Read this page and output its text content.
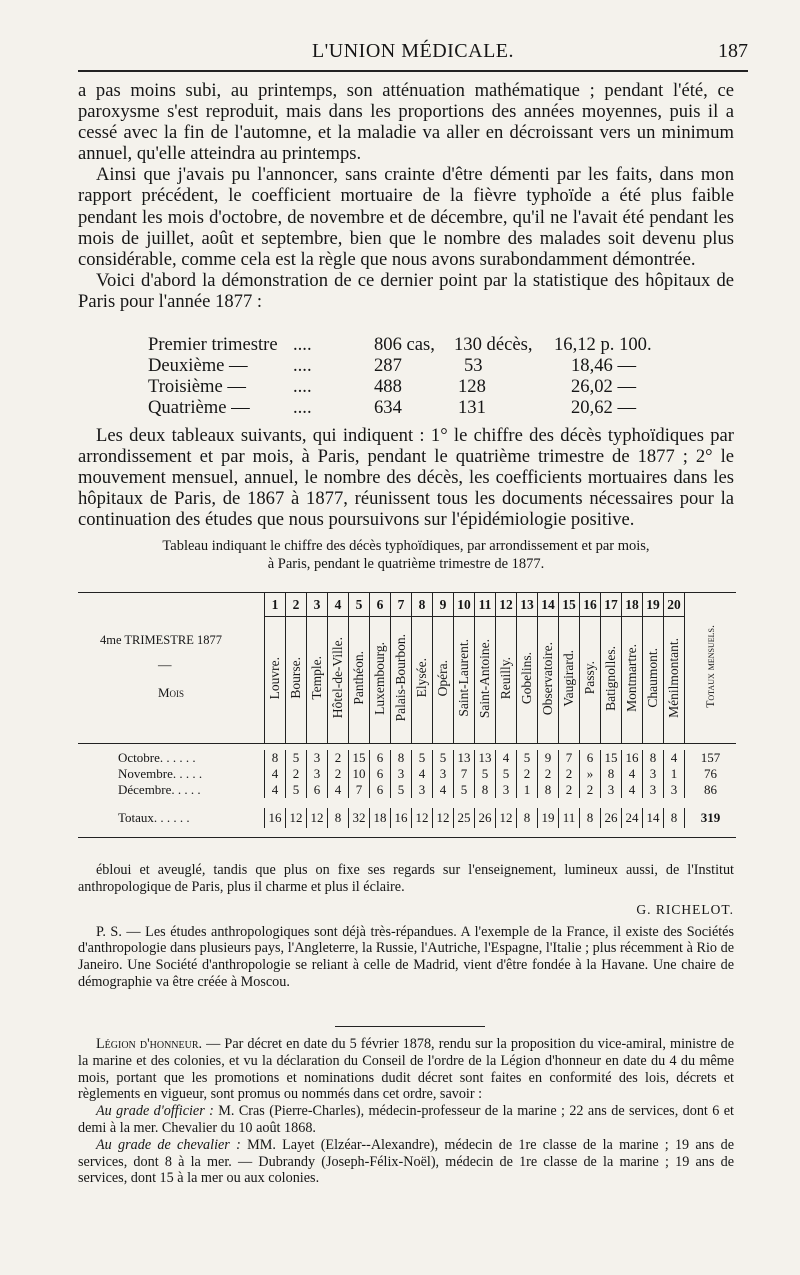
L'UNION MÉDICALE.	187

a pas moins subi, au printemps, son atténuation mathématique ; pendant l'été, ce paroxysme s'est reproduit, mais dans les proportions des années moyennes, puis il a cessé avec la fin de l'automne, et la maladie va aller en décroissant vers un minimum annuel, qu'elle atteindra au printemps.

Ainsi que j'avais pu l'annoncer, sans crainte d'être démenti par les faits, dans mon rapport précédent, le coefficient mortuaire de la fièvre typhoïde a été plus faible pendant les mois d'octobre, de novembre et de décembre, qu'il ne l'avait été pendant les mois de juillet, août et septembre, bien que le nombre des malades soit devenu plus considérable, comme cela est la règle que nous avons surabondamment démontrée.

Voici d'abord la démonstration de ce dernier point par la statistique des hôpitaux de Paris pour l'année 1877 :

Premier trimestre ....	806 cas, 130 décès, 16,12 p. 100.
Deuxième — ....	287	53	18,46 —
Troisième —	....	488	128	26,02 —
Quatrième — ....	634	131	20,62 —

Les deux tableaux suivants, qui indiquent : 1° le chiffre des décès typhoïdiques par arrondissement et par mois, à Paris, pendant le quatrième trimestre de 1877 ; 2° le mouvement mensuel, annuel, le nombre des décès, les coefficients mortuaires dans les hôpitaux de Paris, de 1867 à 1877, réunissent tous les documents nécessaires pour la continuation des études que nous poursuivons sur l'épidémiologie positive.

Tableau indiquant le chiffre des décès typhoïdiques, par arrondissement et par mois,
à Paris, pendant le quatrième trimestre de 1877.
4me TRIMESTRE 1877
—
Mois	1	2	3	4	5	6	7	8	9	10	11	12	13	14	15	16	17	18	19	20	Totaux mensuels.
	Louvre.	Bourse.	Temple.	Hôtel-de-Ville.	Panthéon.	Luxembourg.	Palais-Bourbon.	Elysée.	Opéra.	Saint-Laurent.	Saint-Antoine.	Reuilly.	Gobelins.	Observatoire.	Vaugirard.	Passy.	Batignolles.	Montmartre.	Chaumont.	Ménilmontant.	

Octobre. . . . . .	8	5	3	2	15	6	8	5	5	13	13	4	5	9	7	6	15	16	8	4	157
Novembre. . . . .	4	2	3	2	10	6	3	4	3	7	5	5	2	2	2	»	8	4	3	1	76
Décembre. . . . .	4	5	6	4	7	6	5	3	4	5	8	3	1	8	2	2	3	4	3	3	86

Totaux. . . . . .	16	12	12	8	32	18	16	12	12	25	26	12	8	19	11	8	26	24	14	8	319

ébloui et aveuglé, tandis que plus on fixe ses regards sur l'enseignement, lumineux aussi, de l'Institut anthropologique de Paris, plus il charme et plus il éclaire.

G. RICHELOT.

P. S. — Les études anthropologiques sont déjà très-répandues. A l'exemple de la France, il existe des Sociétés d'anthropologie dans plusieurs pays, l'Angleterre, la Russie, l'Autriche, l'Espagne, l'Italie ; plus récemment à Rio de Janeiro. Une Société d'anthropologie se reliant à celle de Madrid, vient d'être fondée à la Havane. Une chaire de démographie va être créée à Moscou.

Légion d'honneur. — Par décret en date du 5 février 1878, rendu sur la proposition du vice-amiral, ministre de la marine et des colonies, et vu la déclaration du Conseil de l'ordre de la Légion d'honneur en date du 4 du même mois, portant que les promotions et nominations dudit décret sont faites en conformité des lois, décrets et règlements en vigueur, sont promus ou nommés dans cet ordre, savoir :

Au grade d'officier : M. Cras (Pierre-Charles), médecin-professeur de la marine ; 22 ans de services, dont 6 et demi à la mer. Chevalier du 10 août 1868.

Au grade de chevalier : MM. Layet (Elzéar--Alexandre), médecin de 1re classe de la marine ; 19 ans de services, dont 8 à la mer. — Dubrandy (Joseph-Félix-Noël), médecin de 1re classe de la marine ; 19 ans de services, dont 15 à la mer ou aux colonies.
